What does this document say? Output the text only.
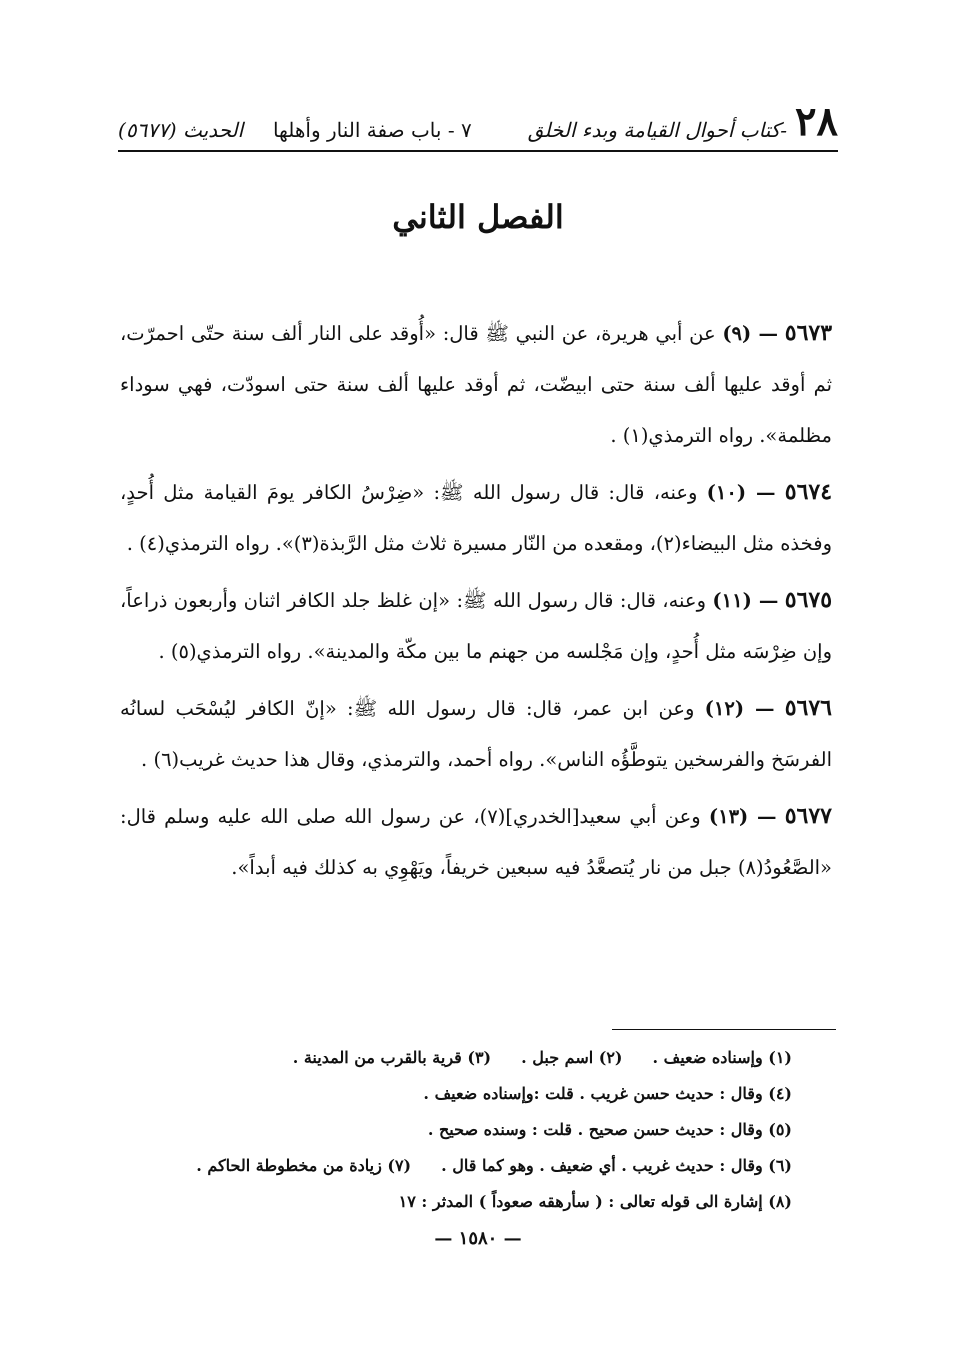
٢٨
-كتاب أحوال القيامة وبدء الخلق
٧ - باب صفة النار وأهلها
الحديث (٥٦٧٧)
الفصل الثاني

٥٦٧٣ — (٩) عن أبي هريرة، عن النبي ﷺ قال: «أُوقد على النار ألف سنة حتّى احمرّت، ثم أوقد عليها ألف سنة حتى ابيضّت، ثم أوقد عليها ألف سنة حتى اسودّت، فهي سوداء مظلمة». رواه الترمذي(١) .

٥٦٧٤ — (١٠) وعنه، قال: قال رسول الله ﷺ: «ضِرْسُ الكافر يومَ القيامة مثل أُحدٍ، وفخذه مثل البيضاء(٢)، ومقعده من النّار مسيرة ثلاث مثل الرَّبذة(٣)». رواه الترمذي(٤) .

٥٦٧٥ — (١١) وعنه، قال: قال رسول الله ﷺ: «إن غلظ جلد الكافر اثنان وأربعون ذراعاً، وإن ضِرْسَه مثل أُحدٍ، وإن مَجْلسه من جهنم ما بين مكّة والمدينة». رواه الترمذي(٥) .

٥٦٧٦ — (١٢) وعن ابن عمر، قال: قال رسول الله ﷺ: «إنّ الكافر ليُسْحَب لسانُه الفرسَخ والفرسخين يتوطَّؤُه الناس». رواه أحمد، والترمذي، وقال هذا حديث غريب(٦) .

٥٦٧٧ — (١٣) وعن أبي سعيد[الخدري](٧)، عن رسول الله صلى الله عليه وسلم قال: «الصَّعُودُ(٨) جبل من نار يُتصعَّدُ فيه سبعين خريفاً، ويَهْوِي به كذلك فيه أبداً».

(١) وإسناده ضعيف .
(٢) اسم جبل .
(٣) قرية بالقرب من المدينة .
(٤) وقال : حديث حسن غريب . قلت :وإسناده ضعيف .
(٥) وقال : حديث حسن صحيح . قلت : وسنده صحيح .
(٦) وقال : حديث غريب . أي ضعيف . وهو كما قال .
(٧) زيادة من مخطوطة الحاكم .
(٨) إشارة الى قوله تعالى : ( سأرهقه صعوداً ) المدثر : ١٧
— ١٥٨٠ —
